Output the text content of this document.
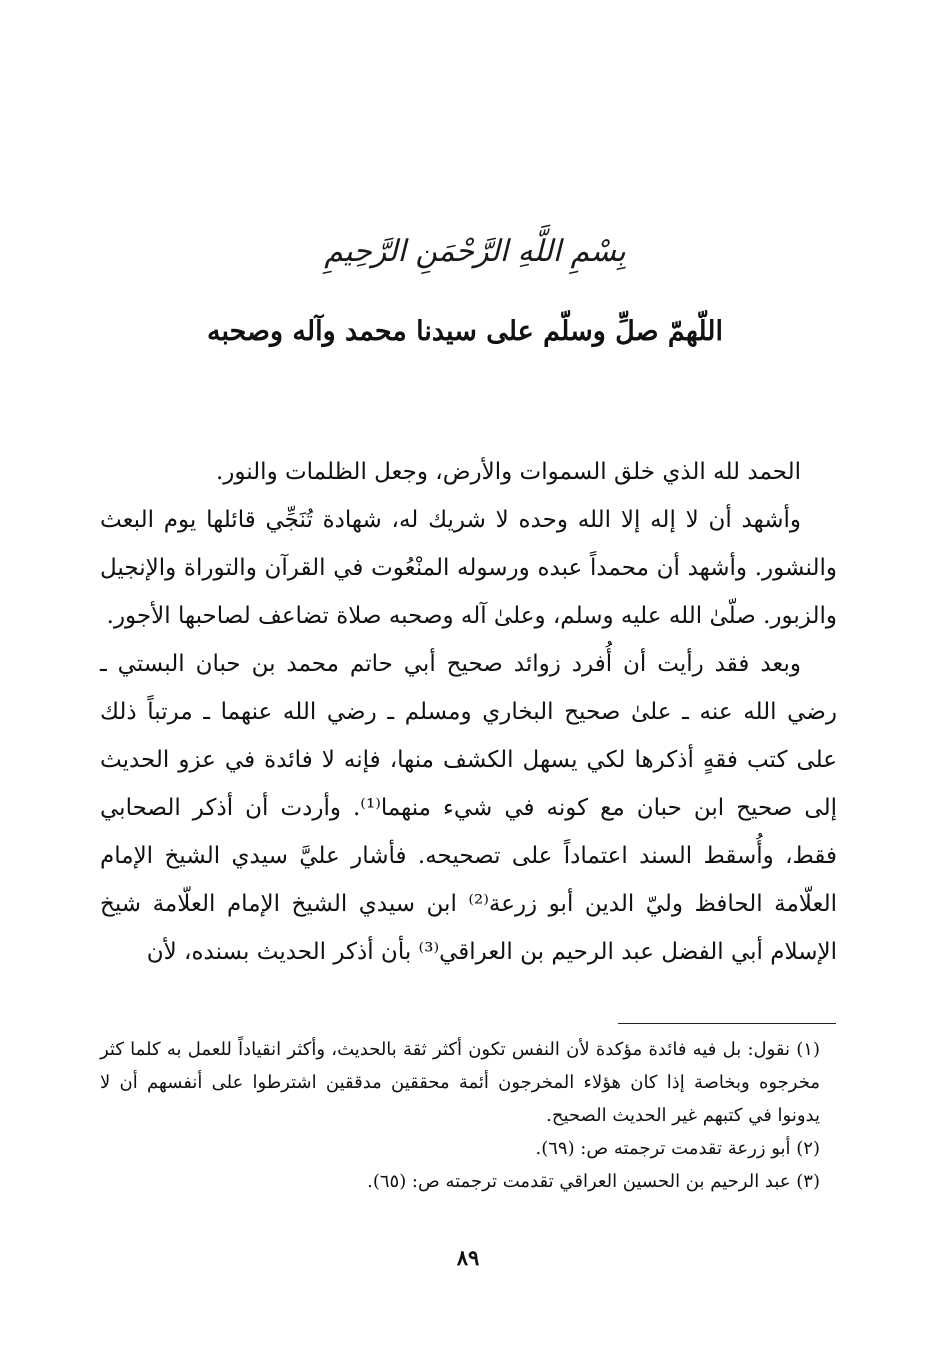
بِسْمِ اللَّهِ الرَّحْمَنِ الرَّحِيمِ
اللّهمّ صلِّ وسلّم على سيدنا محمد وآله وصحبه

الحمد لله الذي خلق السموات والأرض، وجعل الظلمات والنور.

وأشهد أن لا إله إلا الله وحده لا شريك له، شهادة تُنَجِّي قائلها يوم البعث والنشور. وأشهد أن محمداً عبده ورسوله المنْعُوت في القرآن والتوراة والإنجيل والزبور. صلّىٰ الله عليه وسلم، وعلىٰ آله وصحبه صلاة تضاعف لصاحبها الأجور.

وبعد فقد رأيت أن أُفرد زوائد صحيح أبي حاتم محمد بن حبان البستي ـ رضي الله عنه ـ علىٰ صحيح البخاري ومسلم ـ رضي الله عنهما ـ مرتباً ذلك على كتب فقهٍ أذكرها لكي يسهل الكشف منها، فإنه لا فائدة في عزو الحديث إلى صحيح ابن حبان مع كونه في شيء منهما⁽¹⁾. وأردت أن أذكر الصحابي فقط، وأُسقط السند اعتماداً على تصحيحه. فأشار عليَّ سيدي الشيخ الإمام العلّامة الحافظ وليّ الدين أبو زرعة⁽²⁾ ابن سيدي الشيخ الإمام العلّامة شيخ الإسلام أبي الفضل عبد الرحيم بن العراقي⁽³⁾ بأن أذكر الحديث بسنده، لأن

(١) نقول: بل فيه فائدة مؤكدة لأن النفس تكون أكثر ثقة بالحديث، وأكثر انقياداً للعمل به كلما كثر مخرجوه وبخاصة إذا كان هؤلاء المخرجون أئمة محققين مدققين اشترطوا على أنفسهم أن لا يدونوا في كتبهم غير الحديث الصحيح.

(٢) أبو زرعة تقدمت ترجمته ص: (٦٩).

(٣) عبد الرحيم بن الحسين العراقي تقدمت ترجمته ص: (٦٥).

٨٩
